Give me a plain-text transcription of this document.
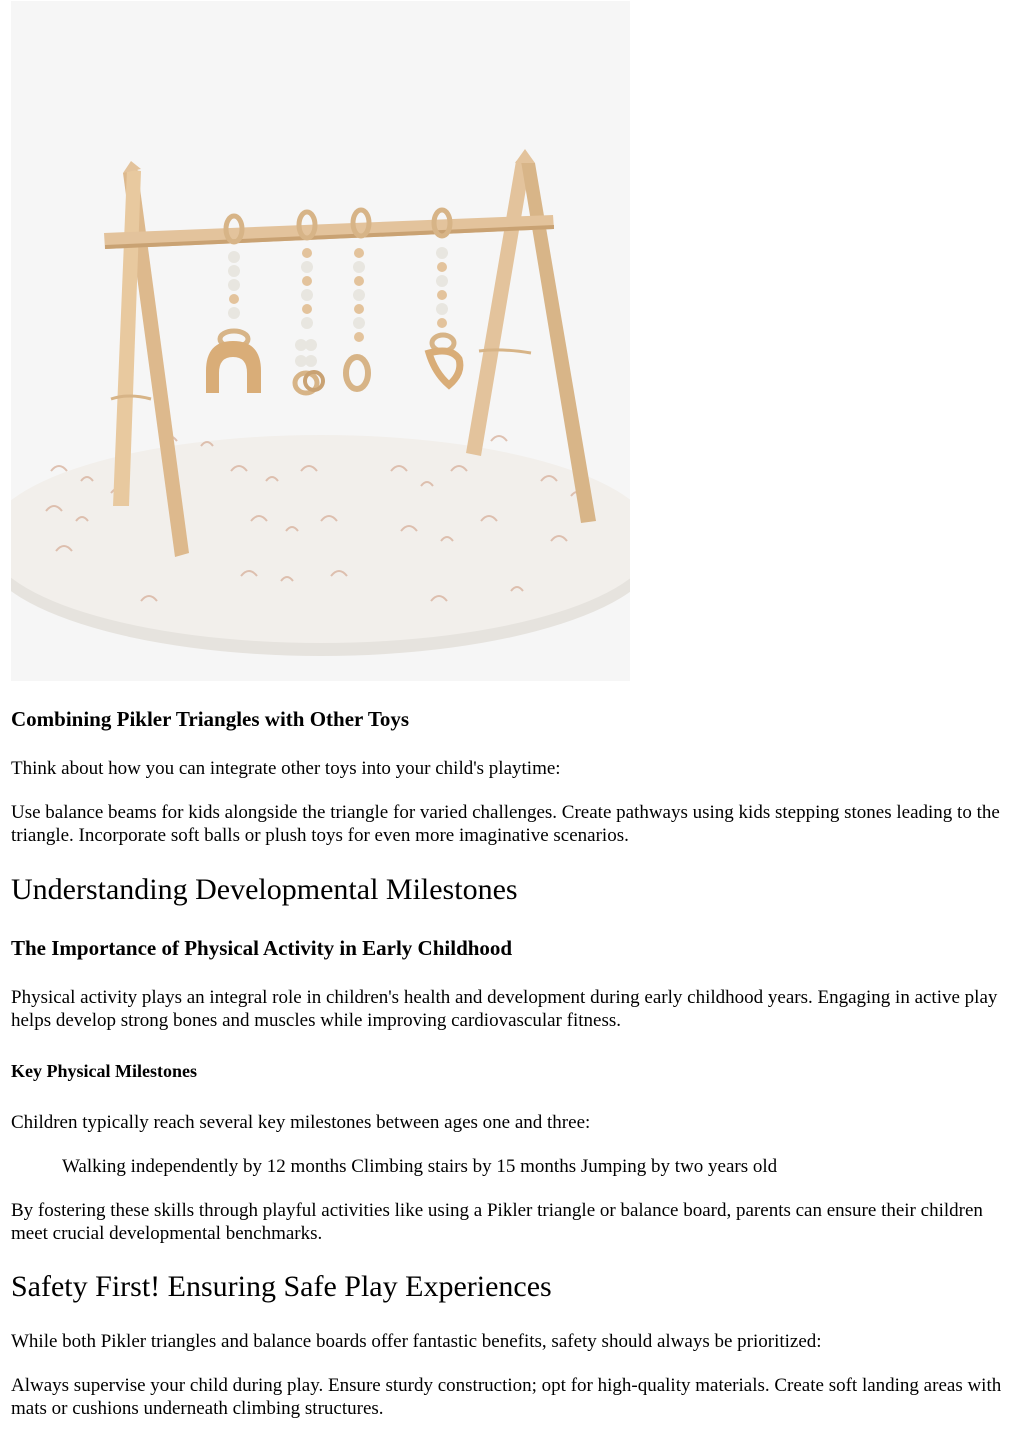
Combining Pikler Triangles with Other Toys

Think about how you can integrate other toys into your child's playtime:

Use balance beams for kids alongside the triangle for varied challenges. Create pathways using kids stepping stones leading to the triangle. Incorporate soft balls or plush toys for even more imaginative scenarios.

Understanding Developmental Milestones
The Importance of Physical Activity in Early Childhood

Physical activity plays an integral role in children's health and development during early childhood years. Engaging in active play helps develop strong bones and muscles while improving cardiovascular fitness.

Key Physical Milestones

Children typically reach several key milestones between ages one and three:

Walking independently by 12 months Climbing stairs by 15 months Jumping by two years old

By fostering these skills through playful activities like using a Pikler triangle or balance board, parents can ensure their children meet crucial developmental benchmarks.

Safety First! Ensuring Safe Play Experiences

While both Pikler triangles and balance boards offer fantastic benefits, safety should always be prioritized:

Always supervise your child during play. Ensure sturdy construction; opt for high-quality materials. Create soft landing areas with mats or cushions underneath climbing structures.
